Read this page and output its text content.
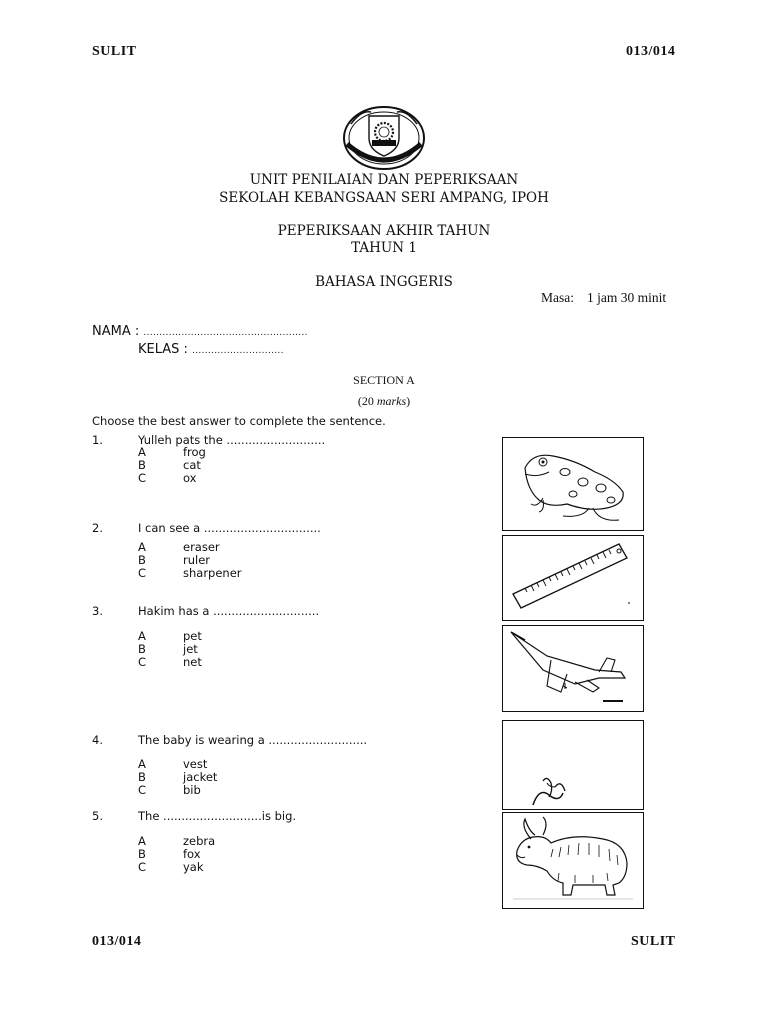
SULIT	013/014
UNIT PENILAIAN DAN PEPERIKSAAN
SEKOLAH KEBANGSAAN SERI AMPANG, IPOH
PEPERIKSAAN AKHIR TAHUN
TAHUN 1
BAHASA INGGERIS
Masa: 1 jam 30 minit
NAMA : ....................................................
KELAS : .............................
SECTION A
(20 marks)
Choose the best answer to complete the sentence.
1.	Yulleh pats the ...........................
A	frog
B	cat
C	ox
2.	I can see a ................................
A	eraser
B	ruler
C	sharpener
3.	Hakim has a .............................
A	pet
B	jet
C	net
4.	The baby is wearing a ...........................
A	vest
B	jacket
C	bib
5.	The ...........................is big.
A	zebra
B	fox
C	yak
013/014	SULIT
